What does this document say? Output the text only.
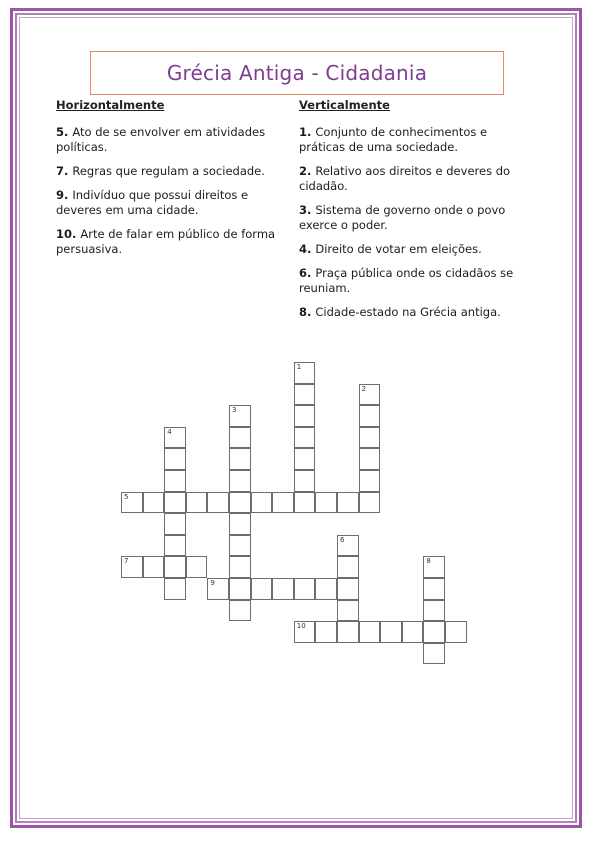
Grécia Antiga - Cidadania
Horizontalmente
5. Ato de se envolver em atividades políticas.
7. Regras que regulam a sociedade.
9. Indivíduo que possui direitos e deveres em uma cidade.
10. Arte de falar em público de forma persuasiva.
Verticalmente
1. Conjunto de conhecimentos e práticas de uma sociedade.
2. Relativo aos direitos e deveres do cidadão.
3. Sistema de governo onde o povo exerce o poder.
4. Direito de votar em eleições.
6. Praça pública onde os cidadãos se reuniam.
8. Cidade-estado na Grécia antiga.
1
2
3
4
5
6
7	8
9
10
